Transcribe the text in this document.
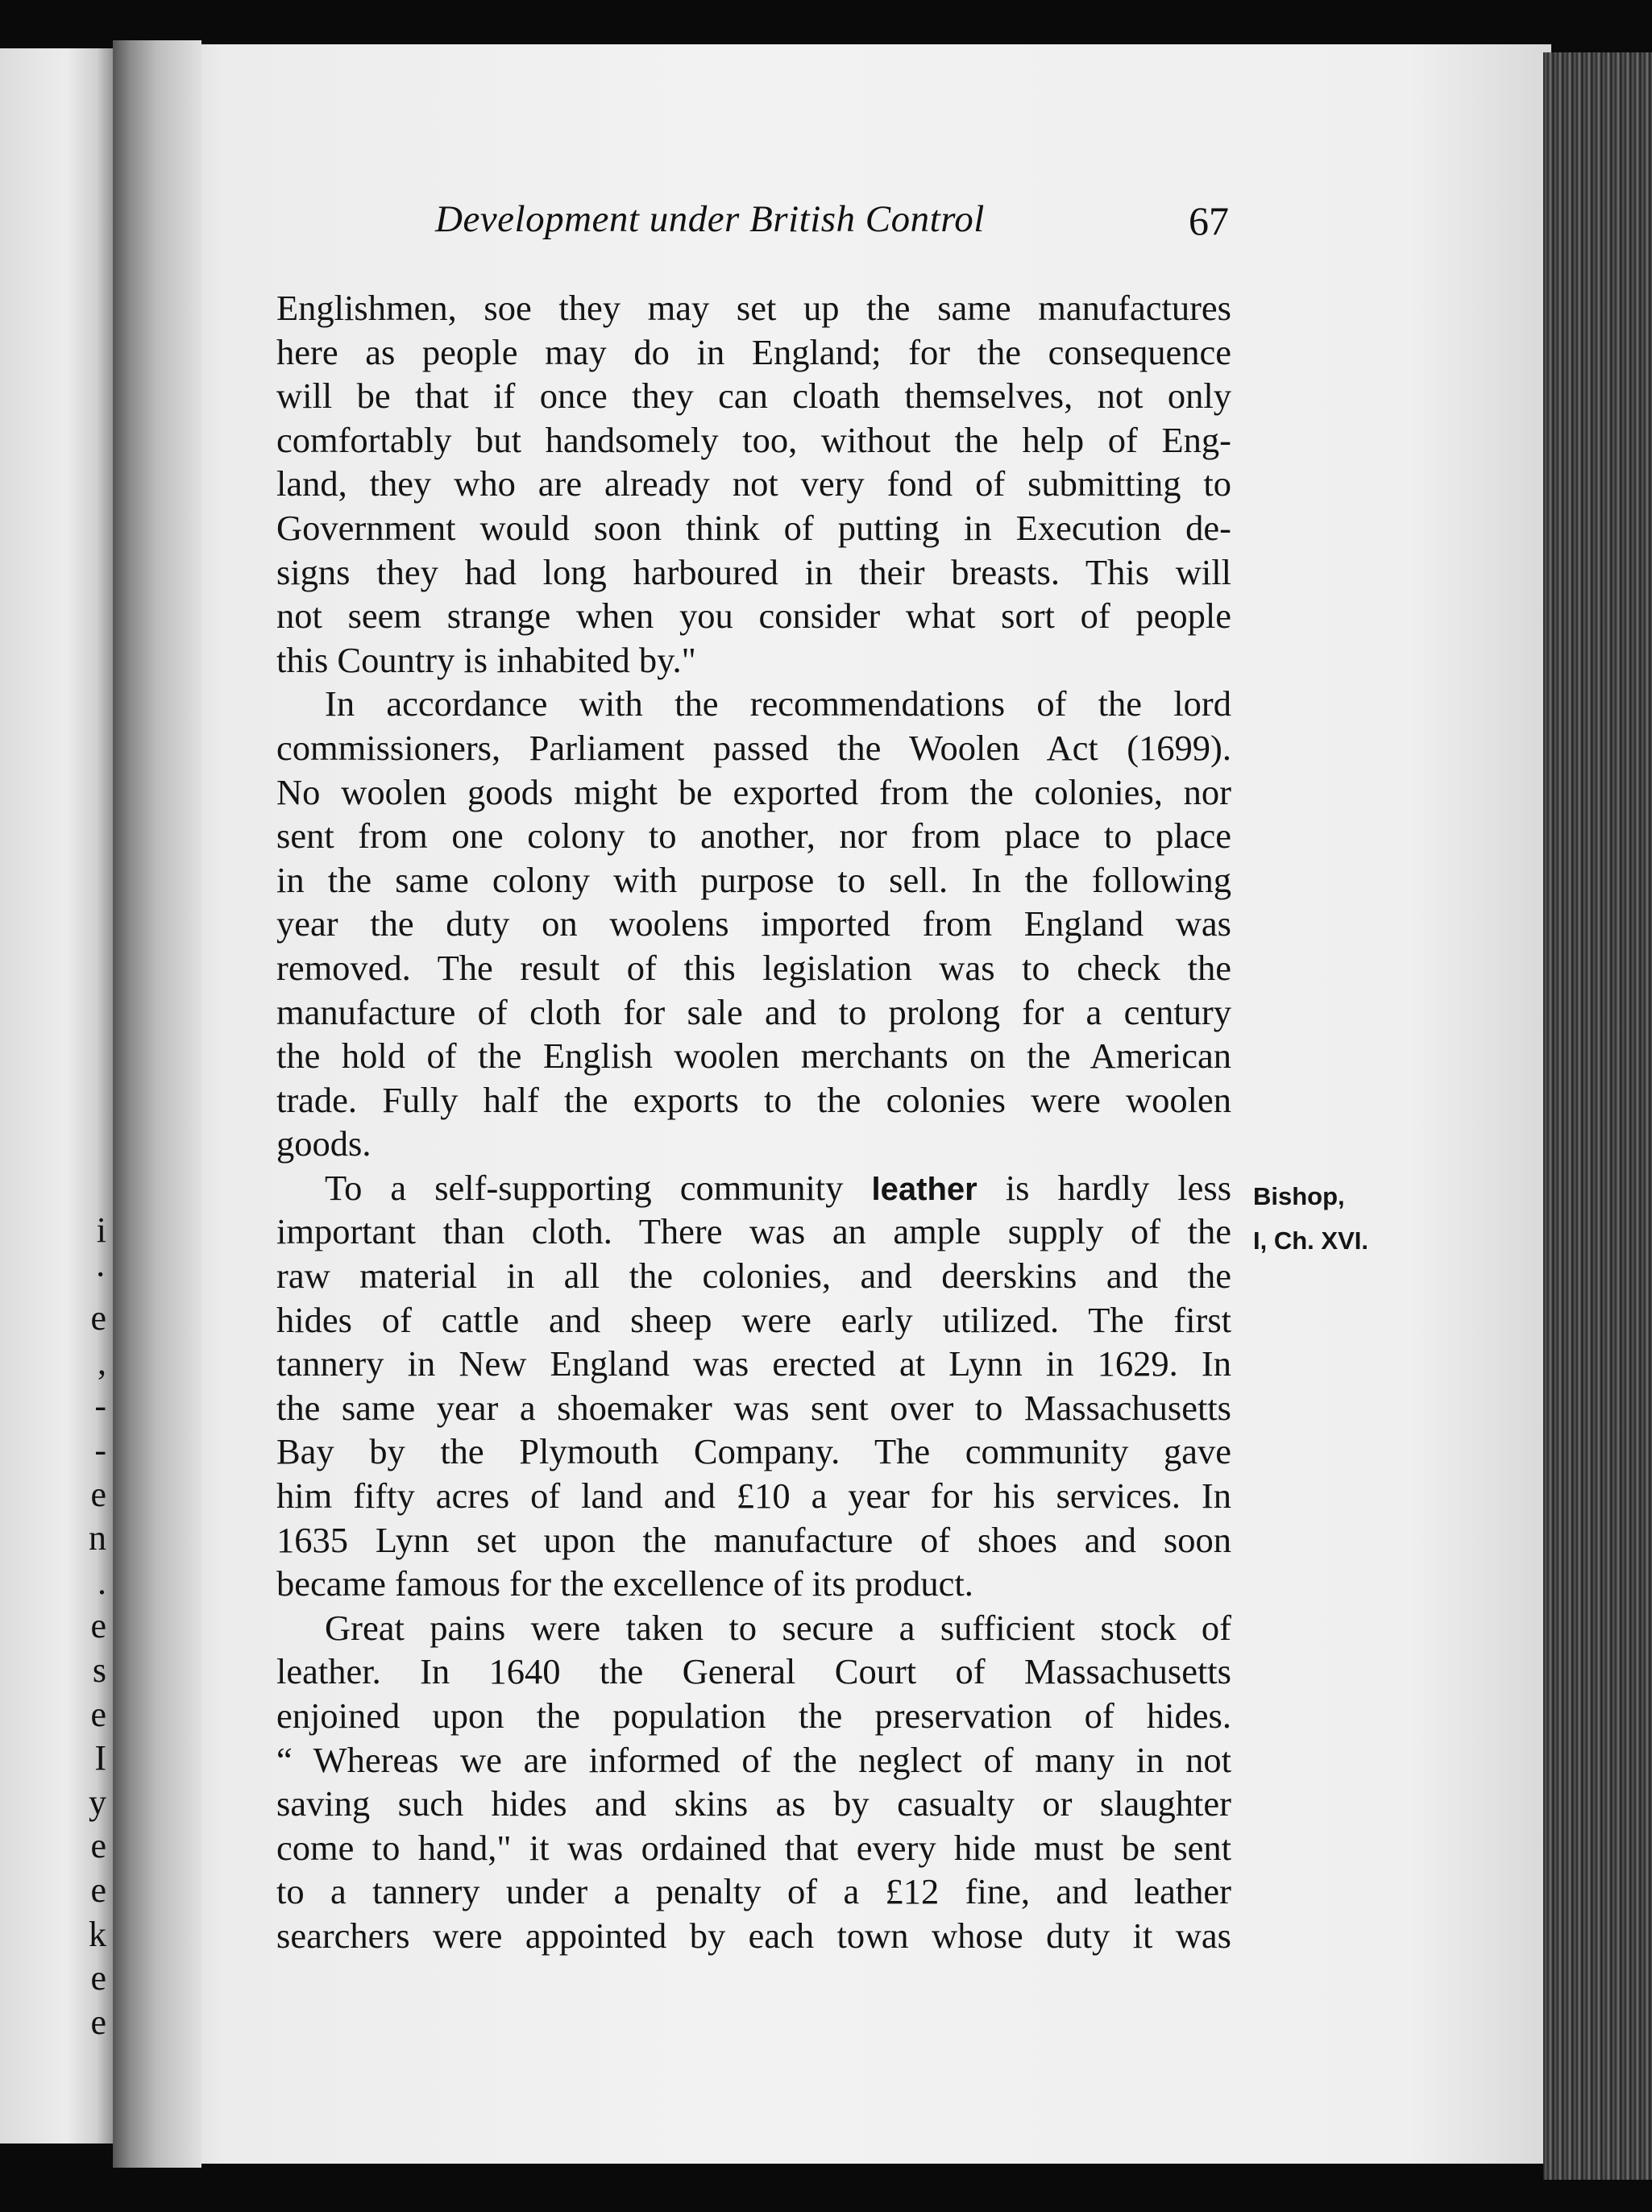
i
·
e
,
-
-
e
n
.
e
s
e
I
y
e
e
k
e
e
Development under British Control	67
Englishmen, soe they may set up the same manufactures
here as people may do in England; for the consequence
will be that if once they can cloath themselves, not only
comfortably but handsomely too, without the help of Eng-
land, they who are already not very fond of submitting to
Government would soon think of putting in Execution de-
signs they had long harboured in their breasts. This will
not seem strange when you consider what sort of people
this Country is inhabited by."
In accordance with the recommendations of the lord
commissioners, Parliament passed the Woolen Act (1699).
No woolen goods might be exported from the colonies, nor
sent from one colony to another, nor from place to place
in the same colony with purpose to sell. In the following
year the duty on woolens imported from England was
removed. The result of this legislation was to check the
manufacture of cloth for sale and to prolong for a century
the hold of the English woolen merchants on the American
trade. Fully half the exports to the colonies were woolen
goods.
To a self-supporting community leather is hardly less
important than cloth. There was an ample supply of the
raw material in all the colonies, and deerskins and the
hides of cattle and sheep were early utilized. The first
tannery in New England was erected at Lynn in 1629. In
the same year a shoemaker was sent over to Massachusetts
Bay by the Plymouth Company. The community gave
him fifty acres of land and £10 a year for his services. In
1635 Lynn set upon the manufacture of shoes and soon
became famous for the excellence of its product.
Great pains were taken to secure a sufficient stock of
leather. In 1640 the General Court of Massachusetts
enjoined upon the population the preservation of hides.
“ Whereas we are informed of the neglect of many in not
saving such hides and skins as by casualty or slaughter
come to hand," it was ordained that every hide must be sent
to a tannery under a penalty of a £12 fine, and leather
searchers were appointed by each town whose duty it was
Bishop,
I, Ch. XVI.
